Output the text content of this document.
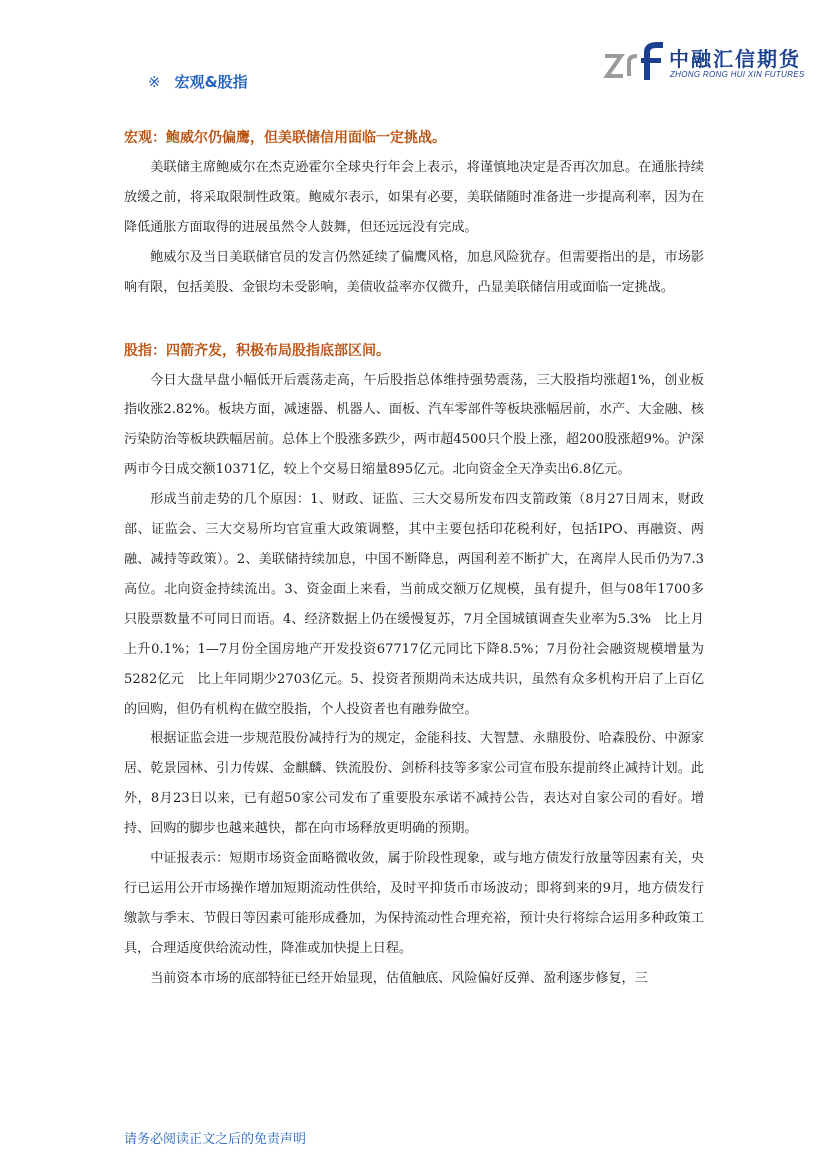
中融汇信期货
ZHONG RONG HUI XIN FUTURES
※ 宏观&股指
宏观：鲍威尔仍偏鹰，但美联储信用面临一定挑战。

美联储主席鲍威尔在杰克逊霍尔全球央行年会上表示，将谨慎地决定是否再次加息。在通胀持续放缓之前，将采取限制性政策。鲍威尔表示，如果有必要，美联储随时准备进一步提高利率，因为在降低通胀方面取得的进展虽然令人鼓舞，但还远远没有完成。

鲍威尔及当日美联储官员的发言仍然延续了偏鹰风格，加息风险犹存。但需要指出的是，市场影响有限，包括美股、金银均未受影响，美债收益率亦仅微升，凸显美联储信用或面临一定挑战。

股指：四箭齐发，积极布局股指底部区间。

今日大盘早盘小幅低开后震荡走高，午后股指总体维持强势震荡，三大股指均涨超1%，创业板指收涨2.82%。板块方面，减速器、机器人、面板、汽车零部件等板块涨幅居前，水产、大金融、核污染防治等板块跌幅居前。总体上个股涨多跌少，两市超4500只个股上涨，超200股涨超9%。沪深两市今日成交额10371亿，较上个交易日缩量895亿元。北向资金全天净卖出6.8亿元。

形成当前走势的几个原因：1、财政、证监、三大交易所发布四支箭政策（8月27日周末，财政部、证监会、三大交易所均官宣重大政策调整，其中主要包括印花税利好，包括IPO、再融资、两融、减持等政策）。2、美联储持续加息，中国不断降息，两国利差不断扩大，在离岸人民币仍为7.3高位。北向资金持续流出。3、资金面上来看，当前成交额万亿规模，虽有提升，但与08年1700多只股票数量不可同日而语。4、经济数据上仍在缓慢复苏，7月全国城镇调查失业率为5.3%　比上月上升0.1%；1—7月份全国房地产开发投资67717亿元同比下降8.5%；7月份社会融资规模增量为5282亿元　比上年同期少2703亿元。5、投资者预期尚未达成共识，虽然有众多机构开启了上百亿的回购，但仍有机构在做空股指，个人投资者也有融券做空。

根据证监会进一步规范股份减持行为的规定，金能科技、大智慧、永鼎股份、哈森股份、中源家居、乾景园林、引力传媒、金麒麟、铁流股份、剑桥科技等多家公司宣布股东提前终止减持计划。此外，8月23日以来，已有超50家公司发布了重要股东承诺不减持公告，表达对自家公司的看好。增持、回购的脚步也越来越快，都在向市场释放更明确的预期。

中证报表示：短期市场资金面略微收敛，属于阶段性现象，或与地方债发行放量等因素有关，央行已运用公开市场操作增加短期流动性供给，及时平抑货币市场波动；即将到来的9月，地方债发行缴款与季末、节假日等因素可能形成叠加，为保持流动性合理充裕，预计央行将综合运用多种政策工具，合理适度供给流动性，降准或加快提上日程。

当前资本市场的底部特征已经开始显现，估值触底、风险偏好反弹、盈利逐步修复，三

请务必阅读正文之后的免责声明
